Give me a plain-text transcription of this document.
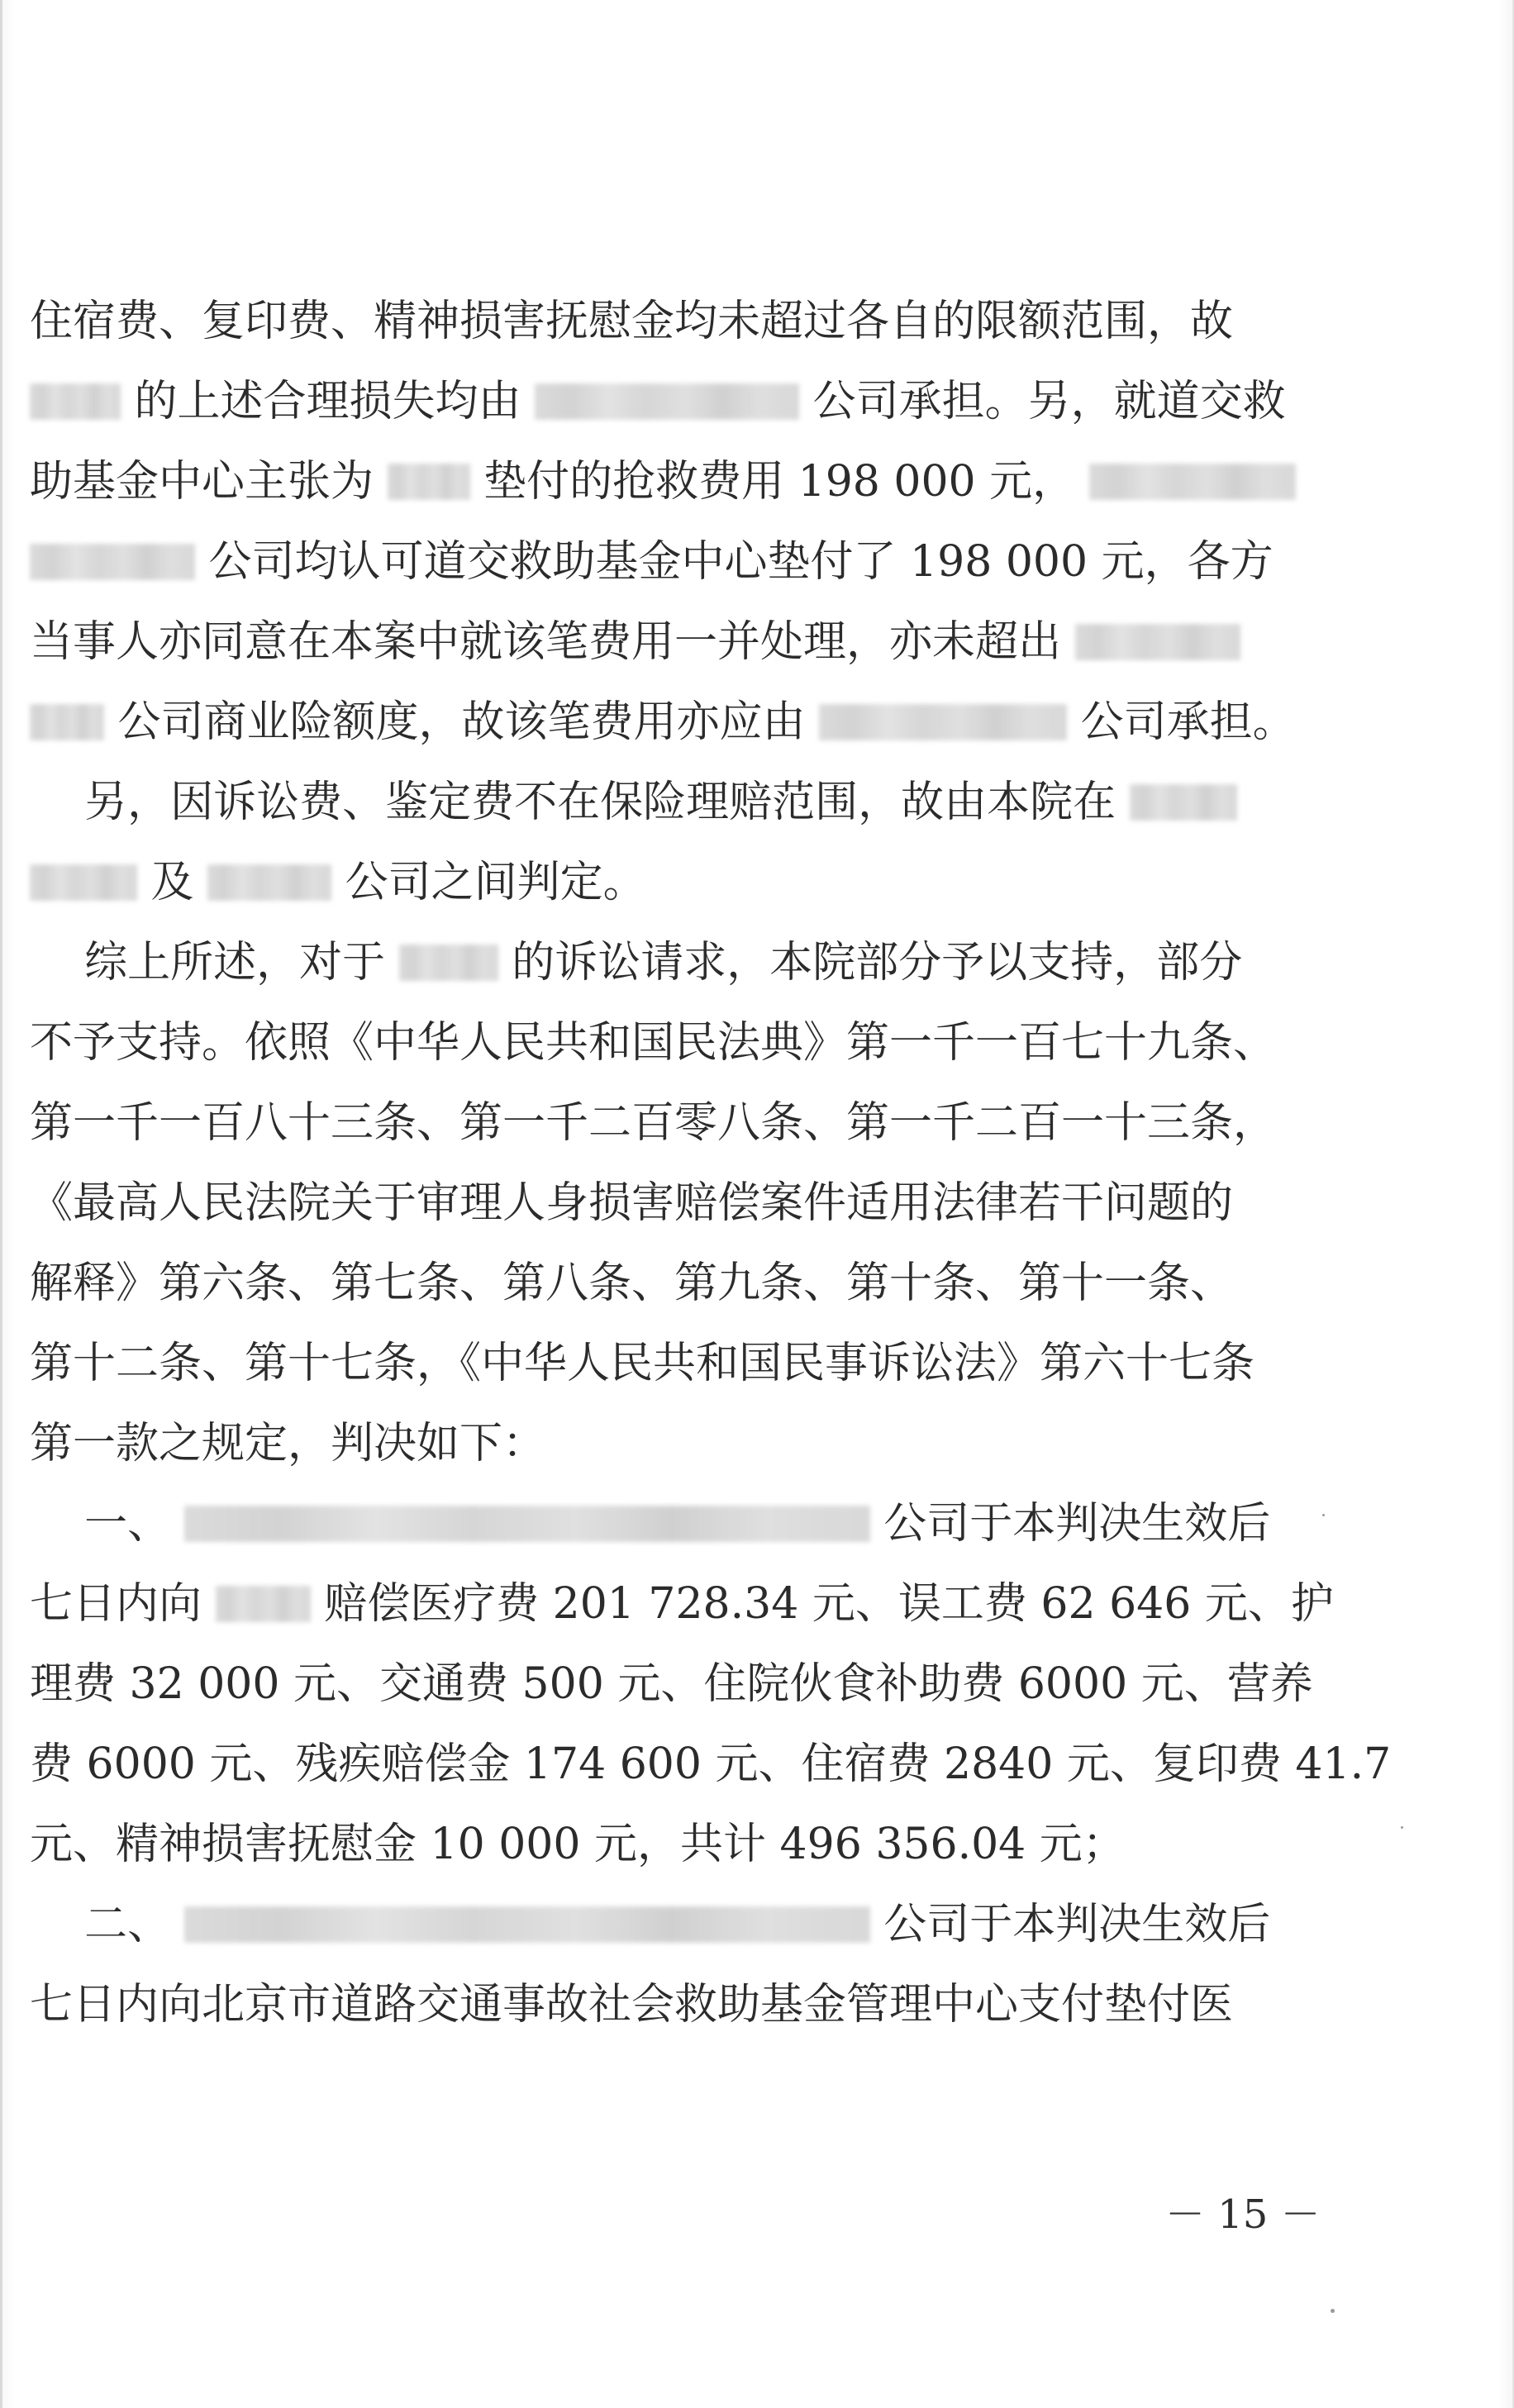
住宿费、复印费、精神损害抚慰金均未超过各自的限额范围，故
的上述合理损失均由	公司承担。另，就道交救
助基金中心主张为	垫付的抢救费用 198 000 元，
公司均认可道交救助基金中心垫付了 198 000 元，各方
当事人亦同意在本案中就该笔费用一并处理，亦未超出
公司商业险额度，故该笔费用亦应由	公司承担。
另，因诉讼费、鉴定费不在保险理赔范围，故由本院在
及	公司之间判定。
综上所述，对于	的诉讼请求，本院部分予以支持，部分
不予支持。依照《中华人民共和国民法典》第一千一百七十九条、
第一千一百八十三条、第一千二百零八条、第一千二百一十三条，
《最高人民法院关于审理人身损害赔偿案件适用法律若干问题的
解释》第六条、第七条、第八条、第九条、第十条、第十一条、
第十二条、第十七条，《中华人民共和国民事诉讼法》第六十七条
第一款之规定，判决如下：
一、	公司于本判决生效后
七日内向	赔偿医疗费 201 728.34 元、误工费 62 646 元、护
理费 32 000 元、交通费 500 元、住院伙食补助费 6000 元、营养
费 6000 元、残疾赔偿金 174 600 元、住宿费 2840 元、复印费 41.7
元、精神损害抚慰金 10 000 元，共计 496 356.04 元；
二、	公司于本判决生效后
七日内向北京市道路交通事故社会救助基金管理中心支付垫付医
－ 15 －
